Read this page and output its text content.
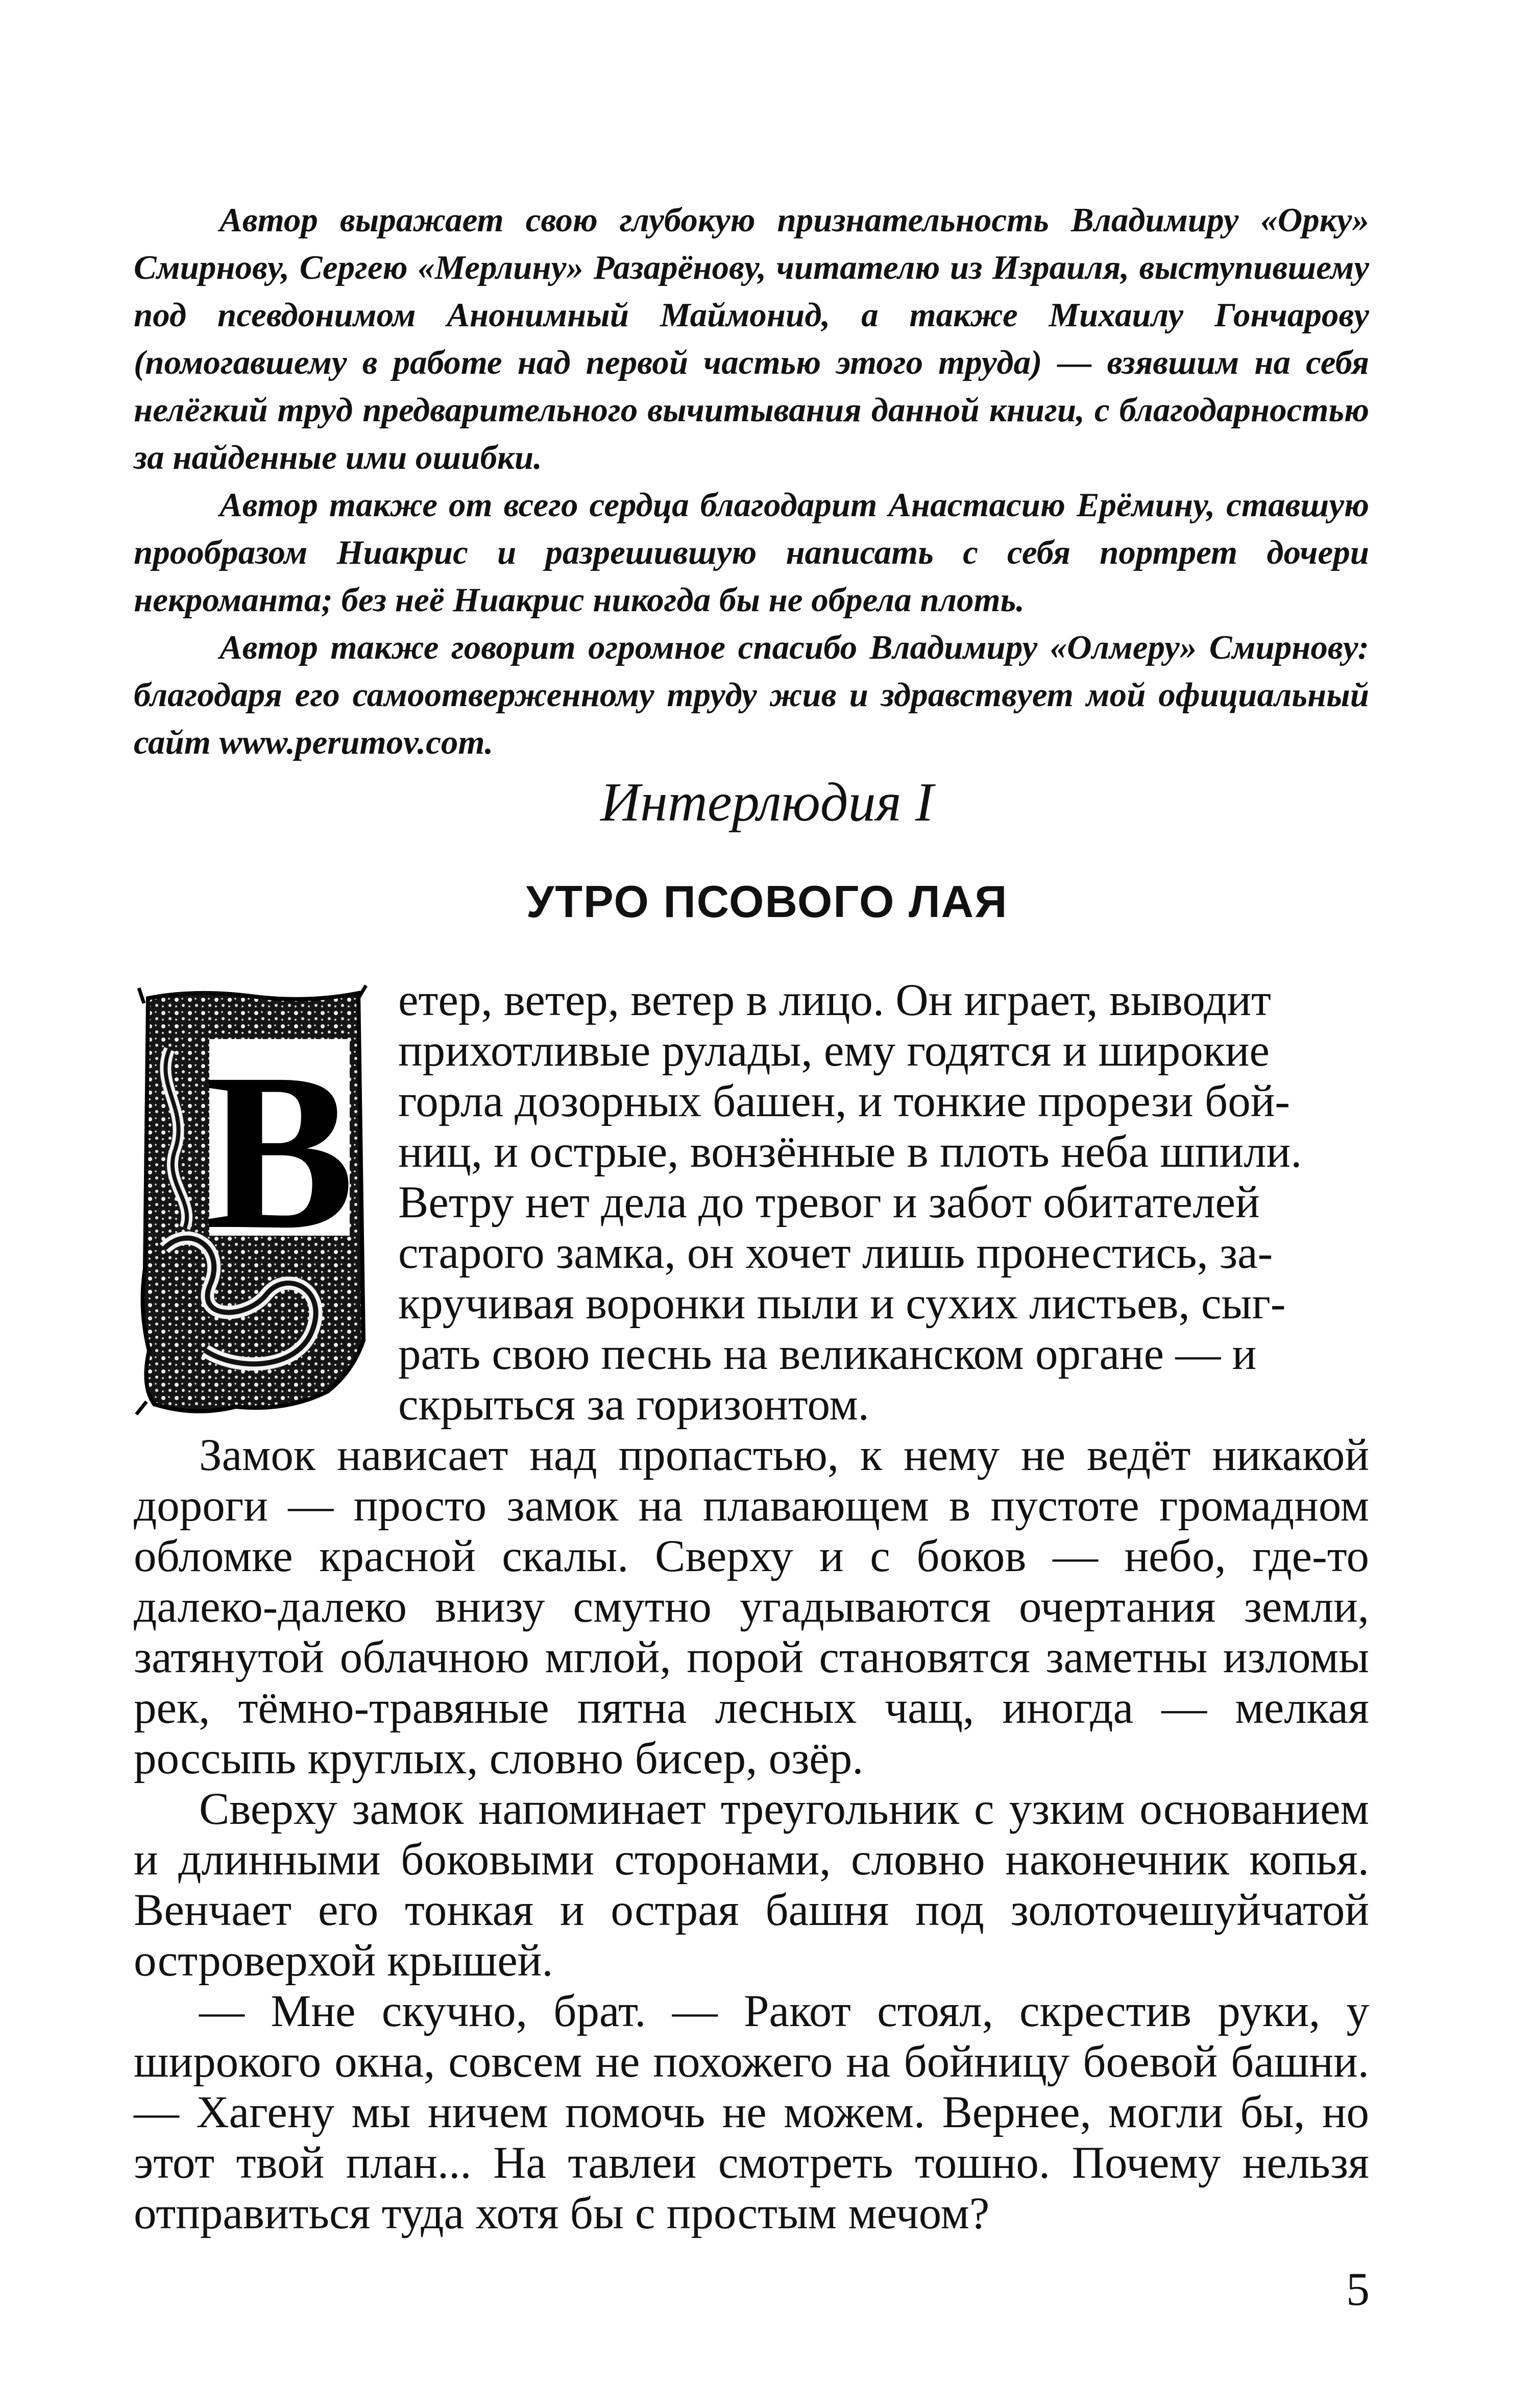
Автор выражает свою глубокую признательность Владимиру «Орку» Смирнову, Сергею «Мерлину» Разарёнову, читателю из Израиля, выступившему под псевдонимом Анонимный Маймонид, а также Михаилу Гончарову (помогавшему в работе над первой частью этого труда) — взявшим на себя нелёгкий труд предварительного вычитывания данной книги, с благодарностью за найденные ими ошибки.

Автор также от всего сердца благодарит Анастасию Ерёмину, ставшую прообразом Ниакрис и разрешившую написать с себя портрет дочери некроманта; без неё Ниакрис никогда бы не обрела плоть.

Автор также говорит огромное спасибо Владимиру «Олмеру» Смирнову: благодаря его самоотверженному труду жив и здравствует мой официальный сайт www.perumov.com.

Интерлюдия I
УТРО ПСОВОГО ЛАЯ
В
етер, ветер, ветер в лицо. Он играет, выводит
прихотливые рулады, ему годятся и широкие
горла дозорных башен, и тонкие прорези бой-
ниц, и острые, вонзённые в плоть неба шпили.
Ветру нет дела до тревог и забот обитателей
старого замка, он хочет лишь пронестись, за-
кручивая воронки пыли и сухих листьев, сыг-
рать свою песнь на великанском органе — и
скрыться за горизонтом.

Замок нависает над пропастью, к нему не ведёт никакой дороги — просто замок на плавающем в пустоте громадном обломке красной скалы. Сверху и с боков — небо, где-то далеко-далеко внизу смутно угадываются очертания земли, затянутой облачною мглой, порой становятся заметны изломы рек, тёмно-травяные пятна лесных чащ, иногда — мелкая россыпь круглых, словно бисер, озёр.

Сверху замок напоминает треугольник с узким основанием и длинными боковыми сторонами, словно наконечник копья. Венчает его тонкая и острая башня под золоточешуйчатой островерхой крышей.

— Мне скучно, брат. — Ракот стоял, скрестив руки, у широкого окна, совсем не похожего на бойницу боевой башни. — Хагену мы ничем помочь не можем. Вернее, могли бы, но этот твой план... На тавлеи смотреть тошно. Почему нельзя отправиться туда хотя бы с простым мечом?

5
